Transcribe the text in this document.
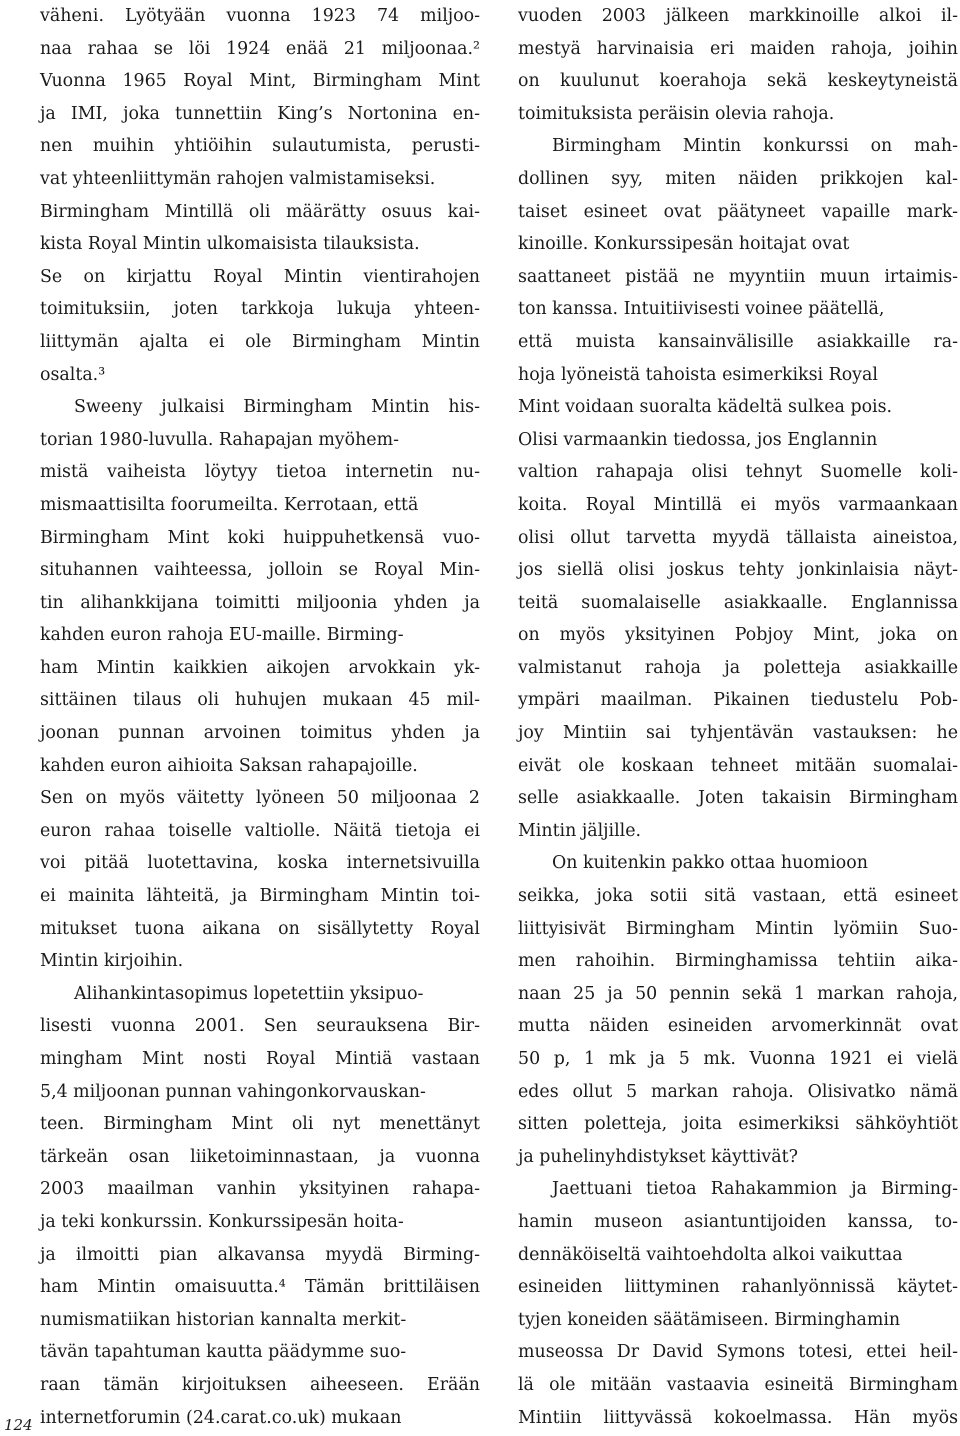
väheni. Lyötyään vuonna 1923 74 miljoo-
naa rahaa se löi 1924 enää 21 miljoonaa.²
Vuonna 1965 Royal Mint, Birmingham Mint
ja IMI, joka tunnettiin King’s Nortonina en-
nen muihin yhtiöihin sulautumista, perusti-
vat yhteenliittymän rahojen valmistamiseksi.
Birmingham Mintillä oli määrätty osuus kai-
kista Royal Mintin ulkomaisista tilauksista.
Se on kirjattu Royal Mintin vientirahojen
toimituksiin, joten tarkkoja lukuja yhteen-
liittymän ajalta ei ole Birmingham Mintin
osalta.³
Sweeny julkaisi Birmingham Mintin his-
torian 1980-luvulla. Rahapajan myöhem-
mistä vaiheista löytyy tietoa internetin nu-
mismaattisilta foorumeilta. Kerrotaan, että
Birmingham Mint koki huippuhetkensä vuo-
situhannen vaihteessa, jolloin se Royal Min-
tin alihankkijana toimitti miljoonia yhden ja
kahden euron rahoja EU-maille. Birming-
ham Mintin kaikkien aikojen arvokkain yk-
sittäinen tilaus oli huhujen mukaan 45 mil-
joonan punnan arvoinen toimitus yhden ja
kahden euron aihioita Saksan rahapajoille.
Sen on myös väitetty lyöneen 50 miljoonaa 2
euron rahaa toiselle valtiolle. Näitä tietoja ei
voi pitää luotettavina, koska internetsivuilla
ei mainita lähteitä, ja Birmingham Mintin toi-
mitukset tuona aikana on sisällytetty Royal
Mintin kirjoihin.
Alihankintasopimus lopetettiin yksipuo-
lisesti vuonna 2001. Sen seurauksena Bir-
mingham Mint nosti Royal Mintiä vastaan
5,4 miljoonan punnan vahingonkorvauskan-
teen. Birmingham Mint oli nyt menettänyt
tärkeän osan liiketoiminnastaan, ja vuonna
2003 maailman vanhin yksityinen rahapa-
ja teki konkurssin. Konkurssipesän hoita-
ja ilmoitti pian alkavansa myydä Birming-
ham Mintin omaisuutta.⁴ Tämän brittiläisen
numismatiikan historian kannalta merkit-
tävän tapahtuman kautta päädymme suo-
raan tämän kirjoituksen aiheeseen. Erään
internetforumin (24.carat.co.uk) mukaan
vuoden 2003 jälkeen markkinoille alkoi il-
mestyä harvinaisia eri maiden rahoja, joihin
on kuulunut koerahoja sekä keskeytyneistä
toimituksista peräisin olevia rahoja.
Birmingham Mintin konkurssi on mah-
dollinen syy, miten näiden prikkojen kal-
taiset esineet ovat päätyneet vapaille mark-
kinoille. Konkurssipesän hoitajat ovat
saattaneet pistää ne myyntiin muun irtaimis-
ton kanssa. Intuitiivisesti voinee päätellä,
että muista kansainvälisille asiakkaille ra-
hoja lyöneistä tahoista esimerkiksi Royal
Mint voidaan suoralta kädeltä sulkea pois.
Olisi varmaankin tiedossa, jos Englannin
valtion rahapaja olisi tehnyt Suomelle koli-
koita. Royal Mintillä ei myös varmaankaan
olisi ollut tarvetta myydä tällaista aineistoa,
jos siellä olisi joskus tehty jonkinlaisia näyt-
teitä suomalaiselle asiakkaalle. Englannissa
on myös yksityinen Pobjoy Mint, joka on
valmistanut rahoja ja poletteja asiakkaille
ympäri maailman. Pikainen tiedustelu Pob-
joy Mintiin sai tyhjentävän vastauksen: he
eivät ole koskaan tehneet mitään suomalai-
selle asiakkaalle. Joten takaisin Birmingham
Mintin jäljille.
On kuitenkin pakko ottaa huomioon
seikka, joka sotii sitä vastaan, että esineet
liittyisivät Birmingham Mintin lyömiin Suo-
men rahoihin. Birminghamissa tehtiin aika-
naan 25 ja 50 pennin sekä 1 markan rahoja,
mutta näiden esineiden arvomerkinnät ovat
50 p, 1 mk ja 5 mk. Vuonna 1921 ei vielä
edes ollut 5 markan rahoja. Olisivatko nämä
sitten poletteja, joita esimerkiksi sähköyhtiöt
ja puhelinyhdistykset käyttivät?
Jaettuani tietoa Rahakammion ja Birming-
hamin museon asiantuntijoiden kanssa, to-
dennäköiseltä vaihtoehdolta alkoi vaikuttaa
esineiden liittyminen rahanlyönnissä käytet-
tyjen koneiden säätämiseen. Birminghamin
museossa Dr David Symons totesi, ettei heil-
lä ole mitään vastaavia esineitä Birmingham
Mintiin liittyvässä kokoelmassa. Hän myös
124
